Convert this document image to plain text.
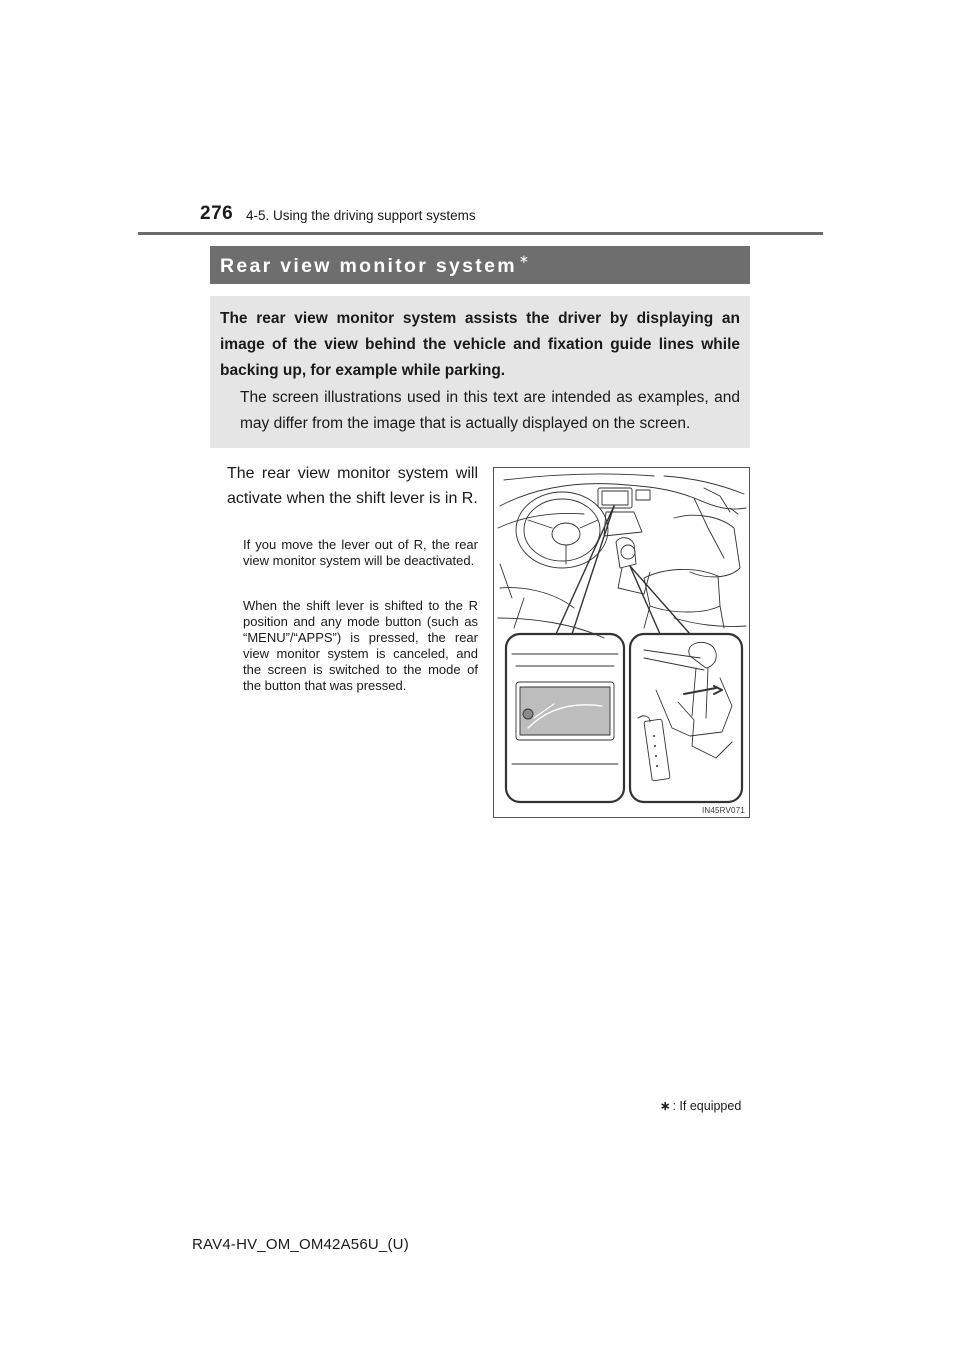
276 4-5. Using the driving support systems
Rear view monitor system ∗

The rear view monitor system assists the driver by displaying an image of the view behind the vehicle and fixation guide lines while backing up, for example while parking.

The screen illustrations used in this text are intended as examples, and may differ from the image that is actually displayed on the screen.

The rear view monitor system will activate when the shift lever is in R.

If you move the lever out of R, the rear view monitor system will be deactivated.

When the shift lever is shifted to the R position and any mode button (such as “MENU”/“APPS”) is pressed, the rear view monitor system is canceled, and the screen is switched to the mode of the button that was pressed.

IN45RV071
∗ : If equipped
RAV4-HV_OM_OM42A56U_(U)
